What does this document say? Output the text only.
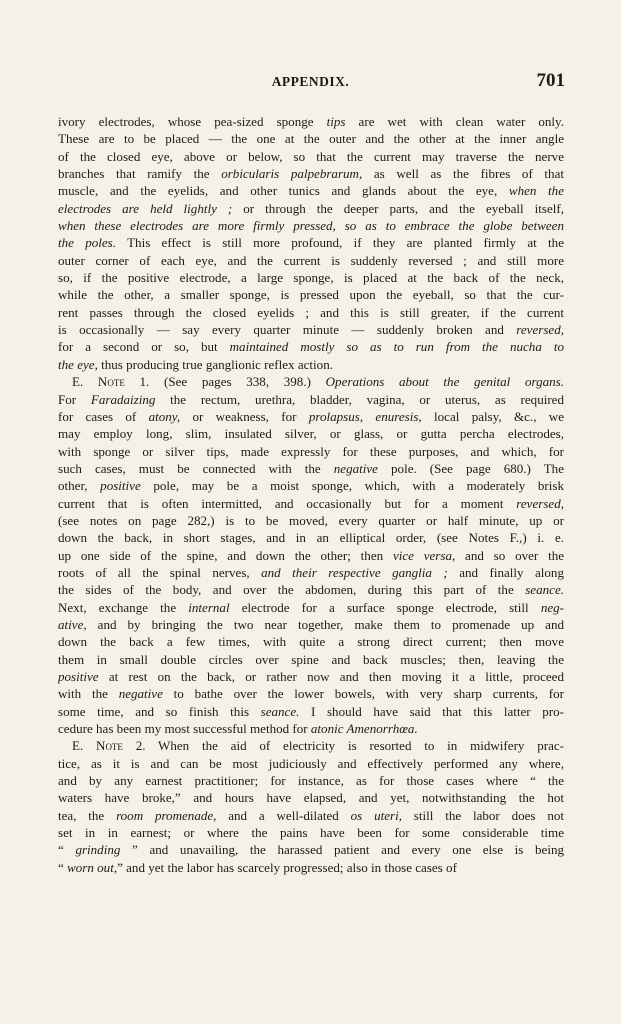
APPENDIX.	701
ivory electrodes, whose pea-sized sponge tips are wet with clean water only.
These are to be placed — the one at the outer and the other at the inner angle
of the closed eye, above or below, so that the current may traverse the nerve
branches that ramify the orbicularis palpebrarum, as well as the fibres of that
muscle, and the eyelids, and other tunics and glands about the eye, when the
electrodes are held lightly ; or through the deeper parts, and the eyeball itself,
when these electrodes are more firmly pressed, so as to embrace the globe between
the poles. This effect is still more profound, if they are planted firmly at the
outer corner of each eye, and the current is suddenly reversed ; and still more
so, if the positive electrode, a large sponge, is placed at the back of the neck,
while the other, a smaller sponge, is pressed upon the eyeball, so that the cur-
rent passes through the closed eyelids ; and this is still greater, if the current
is occasionally — say every quarter minute — suddenly broken and reversed,
for a second or so, but maintained mostly so as to run from the nucha to
the eye, thus producing true ganglionic reflex action.
E. Note 1. (See pages 338, 398.) Operations about the genital organs.
For Faradaizing the rectum, urethra, bladder, vagina, or uterus, as required
for cases of atony, or weakness, for prolapsus, enuresis, local palsy, &c., we
may employ long, slim, insulated silver, or glass, or gutta percha electrodes,
with sponge or silver tips, made expressly for these purposes, and which, for
such cases, must be connected with the negative pole. (See page 680.) The
other, positive pole, may be a moist sponge, which, with a moderately brisk
current that is often intermitted, and occasionally but for a moment reversed,
(see notes on page 282,) is to be moved, every quarter or half minute, up or
down the back, in short stages, and in an elliptical order, (see Notes F.,) i. e.
up one side of the spine, and down the other; then vice versa, and so over the
roots of all the spinal nerves, and their respective ganglia ; and finally along
the sides of the body, and over the abdomen, during this part of the seance.
Next, exchange the internal electrode for a surface sponge electrode, still neg-
ative, and by bringing the two near together, make them to promenade up and
down the back a few times, with quite a strong direct current; then move
them in small double circles over spine and back muscles; then, leaving the
positive at rest on the back, or rather now and then moving it a little, proceed
with the negative to bathe over the lower bowels, with very sharp currents, for
some time, and so finish this seance. I should have said that this latter pro-
cedure has been my most successful method for atonic Amenorrhœa.
E. Note 2. When the aid of electricity is resorted to in midwifery prac-
tice, as it is and can be most judiciously and effectively performed any where,
and by any earnest practitioner; for instance, as for those cases where “ the
waters have broke,” and hours have elapsed, and yet, notwithstanding the hot
tea, the room promenade, and a well-dilated os uteri, still the labor does not
set in in earnest; or where the pains have been for some considerable time
“ grinding ” and unavailing, the harassed patient and every one else is being
“ worn out,” and yet the labor has scarcely progressed; also in those cases of
